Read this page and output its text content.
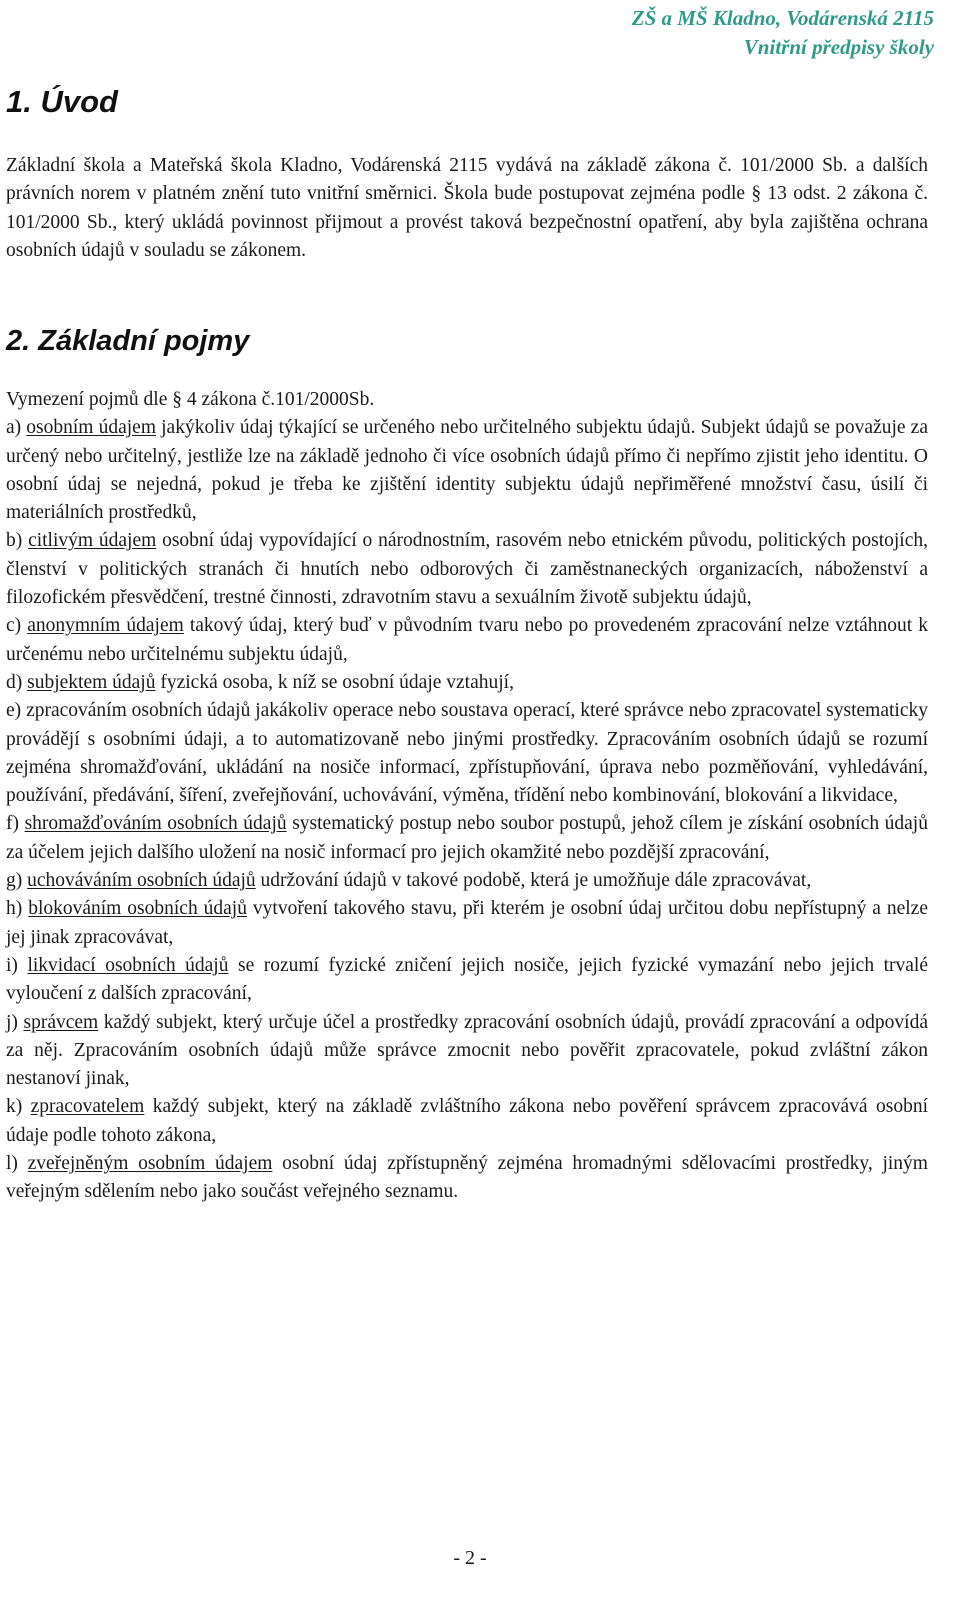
ZŠ a MŠ Kladno, Vodárenská 2115
Vnitřní předpisy školy
1. Úvod

Základní škola a Mateřská škola Kladno, Vodárenská 2115 vydává na základě zákona č. 101/2000 Sb. a dalších právních norem v platném znění tuto vnitřní směrnici. Škola bude postupovat zejména podle § 13 odst. 2 zákona č. 101/2000 Sb., který ukládá povinnost přijmout a provést taková bezpečnostní opatření, aby byla zajištěna ochrana osobních údajů v souladu se zákonem.

2. Základní pojmy

Vymezení pojmů dle § 4 zákona č.101/2000Sb.

a) osobním údajem jakýkoliv údaj týkající se určeného nebo určitelného subjektu údajů. Subjekt údajů se považuje za určený nebo určitelný, jestliže lze na základě jednoho či více osobních údajů přímo či nepřímo zjistit jeho identitu. O osobní údaj se nejedná, pokud je třeba ke zjištění identity subjektu údajů nepřiměřené množství času, úsilí či materiálních prostředků,

b) citlivým údajem osobní údaj vypovídající o národnostním, rasovém nebo etnickém původu, politických postojích, členství v politických stranách či hnutích nebo odborových či zaměstnaneckých organizacích, náboženství a filozofickém přesvědčení, trestné činnosti, zdravotním stavu a sexuálním životě subjektu údajů,

c) anonymním údajem takový údaj, který buď v původním tvaru nebo po provedeném zpracování nelze vztáhnout k určenému nebo určitelnému subjektu údajů,

d) subjektem údajů fyzická osoba, k níž se osobní údaje vztahují,

e) zpracováním osobních údajů jakákoliv operace nebo soustava operací, které správce nebo zpracovatel systematicky provádějí s osobními údaji, a to automatizovaně nebo jinými prostředky. Zpracováním osobních údajů se rozumí zejména shromažďování, ukládání na nosiče informací, zpřístupňování, úprava nebo pozměňování, vyhledávání, používání, předávání, šíření, zveřejňování, uchovávání, výměna, třídění nebo kombinování, blokování a likvidace,

f) shromažďováním osobních údajů systematický postup nebo soubor postupů, jehož cílem je získání osobních údajů za účelem jejich dalšího uložení na nosič informací pro jejich okamžité nebo pozdější zpracování,

g) uchováváním osobních údajů udržování údajů v takové podobě, která je umožňuje dále zpracovávat,

h) blokováním osobních údajů vytvoření takového stavu, při kterém je osobní údaj určitou dobu nepřístupný a nelze jej jinak zpracovávat,

i) likvidací osobních údajů se rozumí fyzické zničení jejich nosiče, jejich fyzické vymazání nebo jejich trvalé vyloučení z dalších zpracování,

j) správcem každý subjekt, který určuje účel a prostředky zpracování osobních údajů, provádí zpracování a odpovídá za něj. Zpracováním osobních údajů může správce zmocnit nebo pověřit zpracovatele, pokud zvláštní zákon nestanoví jinak,

k) zpracovatelem každý subjekt, který na základě zvláštního zákona nebo pověření správcem zpracovává osobní údaje podle tohoto zákona,

l) zveřejněným osobním údajem osobní údaj zpřístupněný zejména hromadnými sdělovacími prostředky, jiným veřejným sdělením nebo jako součást veřejného seznamu.

- 2 -
